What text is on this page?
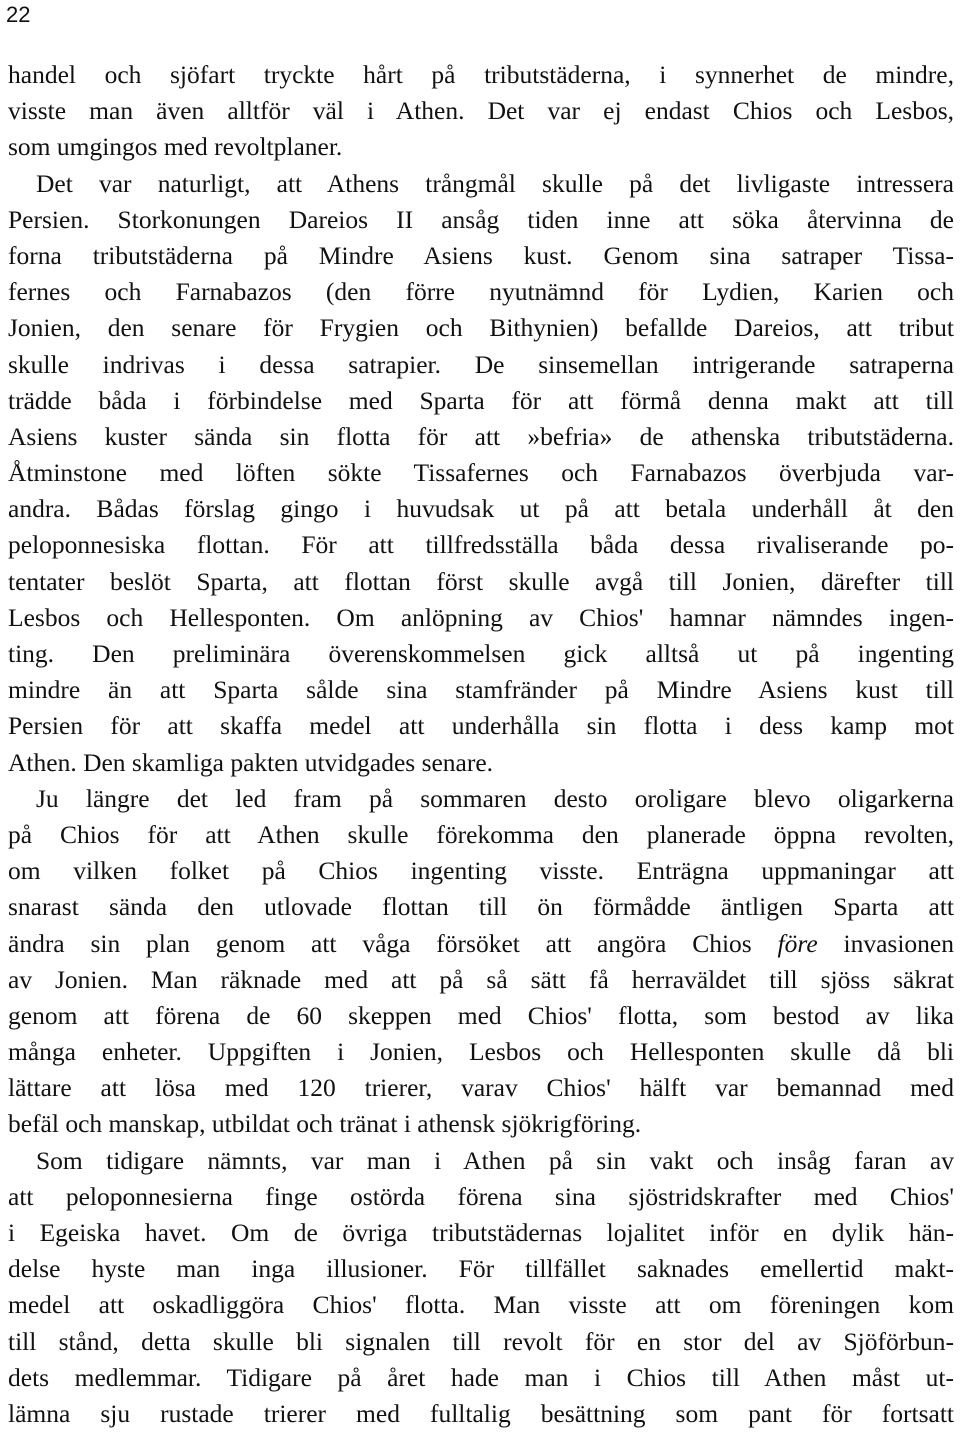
22
handel och sjöfart tryckte hårt på tributstäderna, i synnerhet de mindre,
visste man även alltför väl i Athen. Det var ej endast Chios och Lesbos,
som umgingos med revoltplaner.
Det var naturligt, att Athens trångmål skulle på det livligaste intressera
Persien. Storkonungen Dareios II ansåg tiden inne att söka återvinna de
forna tributstäderna på Mindre Asiens kust. Genom sina satraper Tissa-
fernes och Farnabazos (den förre nyutnämnd för Lydien, Karien och
Jonien, den senare för Frygien och Bithynien) befallde Dareios, att tribut
skulle indrivas i dessa satrapier. De sinsemellan intrigerande satraperna
trädde båda i förbindelse med Sparta för att förmå denna makt att till
Asiens kuster sända sin flotta för att »befria» de athenska tributstäderna.
Åtminstone med löften sökte Tissafernes och Farnabazos överbjuda var-
andra. Bådas förslag gingo i huvudsak ut på att betala underhåll åt den
peloponnesiska flottan. För att tillfredsställa båda dessa rivaliserande po-
tentater beslöt Sparta, att flottan först skulle avgå till Jonien, därefter till
Lesbos och Hellesponten. Om anlöpning av Chios' hamnar nämndes ingen-
ting. Den preliminära överenskommelsen gick alltså ut på ingenting
mindre än att Sparta sålde sina stamfränder på Mindre Asiens kust till
Persien för att skaffa medel att underhålla sin flotta i dess kamp mot
Athen. Den skamliga pakten utvidgades senare.
Ju längre det led fram på sommaren desto oroligare blevo oligarkerna
på Chios för att Athen skulle förekomma den planerade öppna revolten,
om vilken folket på Chios ingenting visste. Enträgna uppmaningar att
snarast sända den utlovade flottan till ön förmådde äntligen Sparta att
ändra sin plan genom att våga försöket att angöra Chios före invasionen
av Jonien. Man räknade med att på så sätt få herraväldet till sjöss säkrat
genom att förena de 60 skeppen med Chios' flotta, som bestod av lika
många enheter. Uppgiften i Jonien, Lesbos och Hellesponten skulle då bli
lättare att lösa med 120 trierer, varav Chios' hälft var bemannad med
befäl och manskap, utbildat och tränat i athensk sjökrigföring.
Som tidigare nämnts, var man i Athen på sin vakt och insåg faran av
att peloponnesierna finge ostörda förena sina sjöstridskrafter med Chios'
i Egeiska havet. Om de övriga tributstädernas lojalitet inför en dylik hän-
delse hyste man inga illusioner. För tillfället saknades emellertid makt-
medel att oskadliggöra Chios' flotta. Man visste att om föreningen kom
till stånd, detta skulle bli signalen till revolt för en stor del av Sjöförbun-
dets medlemmar. Tidigare på året hade man i Chios till Athen måst ut-
lämna sju rustade trierer med fulltalig besättning som pant för fortsatt
